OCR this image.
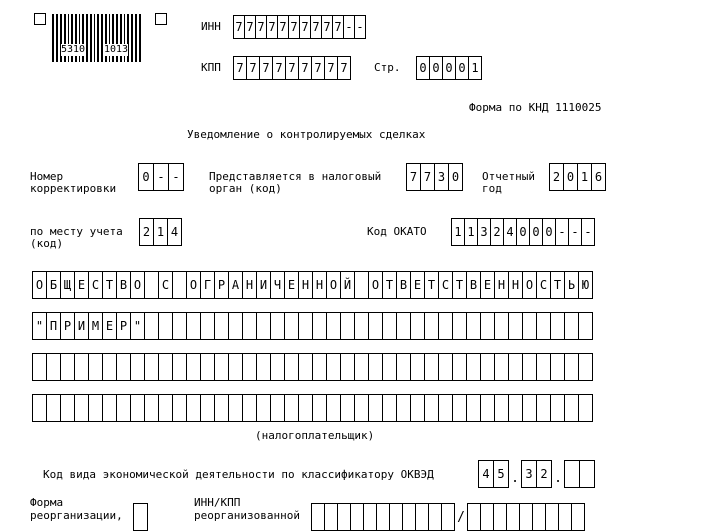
5310 1013
ИНН 7 7 7 7 7 7 7 7 7 7 - -
КПП 7 7 7 7 7 7 7 7 7	Стр. 0 0 0 0 1
Форма по КНД 1110025
Уведомление о контролируемых сделках
Номер
корректировки
0 - -	Представляется в налоговый
орган (код)
7 7 3 0	Отчетный
год
2 0 1 6
по месту учета
(код)
2 1 4	Код ОКАТО 1 1 3 2 4 0 0 0 - - -
О Б Щ Е С Т В О	С	О Г Р А Н И Ч Е Н Н О Й	О Т В Е Т С Т В Е Н Н О С Т Ь Ю
" П Р И М Е Р "
(налогоплательщик)
Код вида экономической деятельности по классификатору ОКВЭД	4 5 . 3 2 .
Форма
реорганизации,
ИНН/КПП
реорганизованной	/
